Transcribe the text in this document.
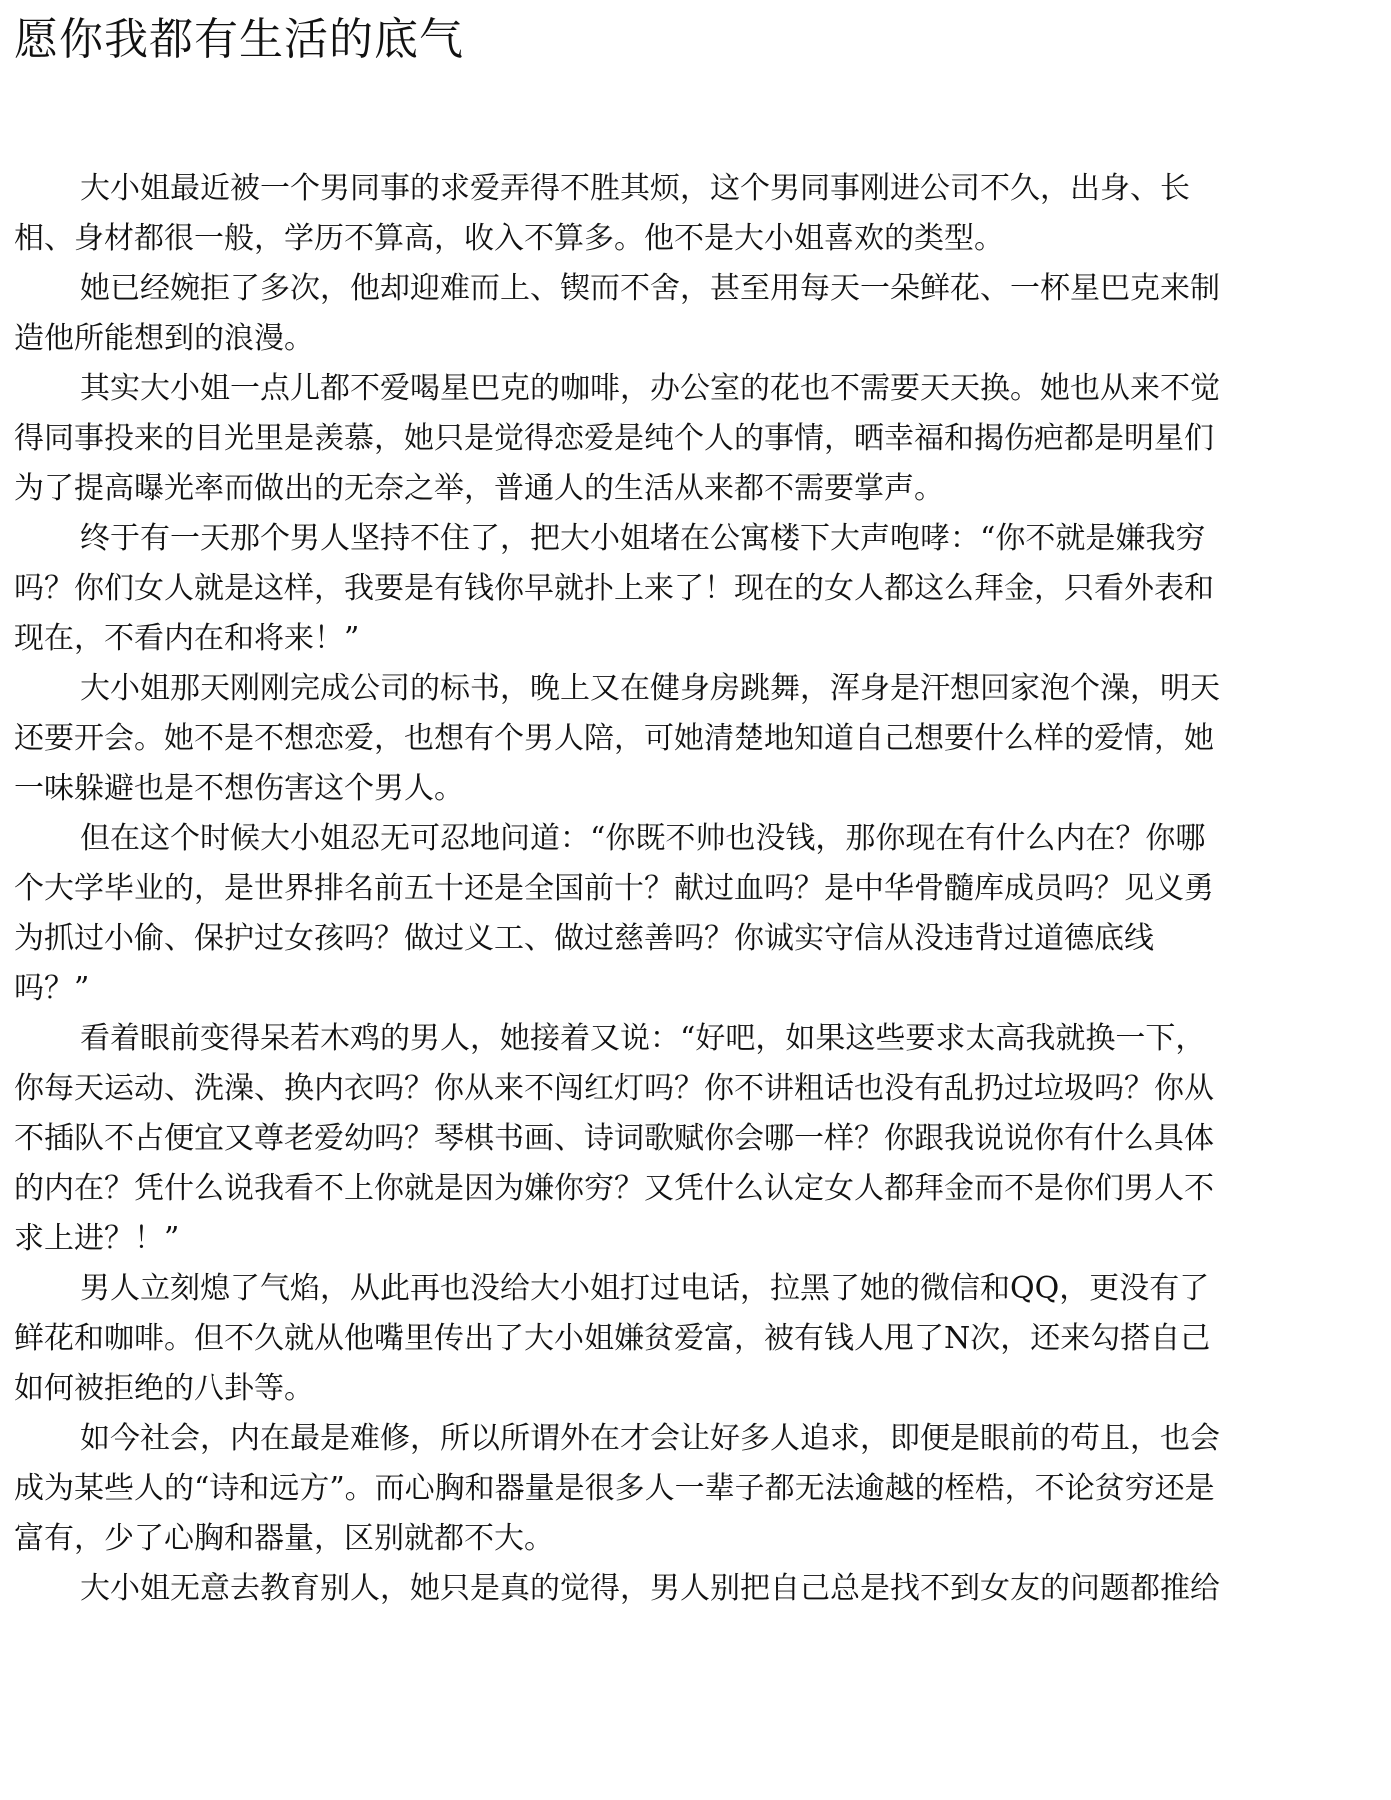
愿你我都有生活的底气

大小姐最近被一个男同事的求爱弄得不胜其烦，这个男同事刚进公司不久，出身、长
相、身材都很一般，学历不算高，收入不算多。他不是大小姐喜欢的类型。

她已经婉拒了多次，他却迎难而上、锲而不舍，甚至用每天一朵鲜花、一杯星巴克来制
造他所能想到的浪漫。

其实大小姐一点儿都不爱喝星巴克的咖啡，办公室的花也不需要天天换。她也从来不觉
得同事投来的目光里是羡慕，她只是觉得恋爱是纯个人的事情，晒幸福和揭伤疤都是明星们
为了提高曝光率而做出的无奈之举，普通人的生活从来都不需要掌声。

终于有一天那个男人坚持不住了，把大小姐堵在公寓楼下大声咆哮：“你不就是嫌我穷
吗？你们女人就是这样，我要是有钱你早就扑上来了！现在的女人都这么拜金，只看外表和
现在，不看内在和将来！”

大小姐那天刚刚完成公司的标书，晚上又在健身房跳舞，浑身是汗想回家泡个澡，明天
还要开会。她不是不想恋爱，也想有个男人陪，可她清楚地知道自己想要什么样的爱情，她
一味躲避也是不想伤害这个男人。

但在这个时候大小姐忍无可忍地问道：“你既不帅也没钱，那你现在有什么内在？你哪
个大学毕业的，是世界排名前五十还是全国前十？献过血吗？是中华骨髓库成员吗？见义勇
为抓过小偷、保护过女孩吗？做过义工、做过慈善吗？你诚实守信从没违背过道德底线
吗？”

看着眼前变得呆若木鸡的男人，她接着又说：“好吧，如果这些要求太高我就换一下，
你每天运动、洗澡、换内衣吗？你从来不闯红灯吗？你不讲粗话也没有乱扔过垃圾吗？你从
不插队不占便宜又尊老爱幼吗？琴棋书画、诗词歌赋你会哪一样？你跟我说说你有什么具体
的内在？凭什么说我看不上你就是因为嫌你穷？又凭什么认定女人都拜金而不是你们男人不
求上进？！”

男人立刻熄了气焰，从此再也没给大小姐打过电话，拉黑了她的微信和QQ，更没有了
鲜花和咖啡。但不久就从他嘴里传出了大小姐嫌贫爱富，被有钱人甩了N次，还来勾搭自己
如何被拒绝的八卦等。

如今社会，内在最是难修，所以所谓外在才会让好多人追求，即便是眼前的苟且，也会
成为某些人的“诗和远方”。而心胸和器量是很多人一辈子都无法逾越的桎梏，不论贫穷还是
富有，少了心胸和器量，区别就都不大。

大小姐无意去教育别人，她只是真的觉得，男人别把自己总是找不到女友的问题都推给
